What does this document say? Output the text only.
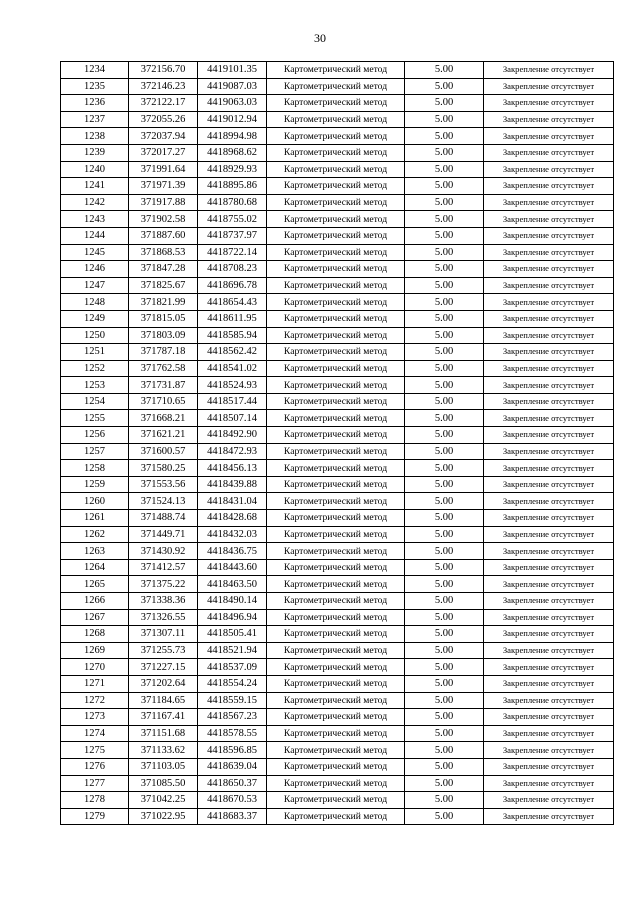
30
1234	372156.70	4419101.35	Картометрический метод	5.00	Закрепление отсутствует
1235	372146.23	4419087.03	Картометрический метод	5.00	Закрепление отсутствует
1236	372122.17	4419063.03	Картометрический метод	5.00	Закрепление отсутствует
1237	372055.26	4419012.94	Картометрический метод	5.00	Закрепление отсутствует
1238	372037.94	4418994.98	Картометрический метод	5.00	Закрепление отсутствует
1239	372017.27	4418968.62	Картометрический метод	5.00	Закрепление отсутствует
1240	371991.64	4418929.93	Картометрический метод	5.00	Закрепление отсутствует
1241	371971.39	4418895.86	Картометрический метод	5.00	Закрепление отсутствует
1242	371917.88	4418780.68	Картометрический метод	5.00	Закрепление отсутствует
1243	371902.58	4418755.02	Картометрический метод	5.00	Закрепление отсутствует
1244	371887.60	4418737.97	Картометрический метод	5.00	Закрепление отсутствует
1245	371868.53	4418722.14	Картометрический метод	5.00	Закрепление отсутствует
1246	371847.28	4418708.23	Картометрический метод	5.00	Закрепление отсутствует
1247	371825.67	4418696.78	Картометрический метод	5.00	Закрепление отсутствует
1248	371821.99	4418654.43	Картометрический метод	5.00	Закрепление отсутствует
1249	371815.05	4418611.95	Картометрический метод	5.00	Закрепление отсутствует
1250	371803.09	4418585.94	Картометрический метод	5.00	Закрепление отсутствует
1251	371787.18	4418562.42	Картометрический метод	5.00	Закрепление отсутствует
1252	371762.58	4418541.02	Картометрический метод	5.00	Закрепление отсутствует
1253	371731.87	4418524.93	Картометрический метод	5.00	Закрепление отсутствует
1254	371710.65	4418517.44	Картометрический метод	5.00	Закрепление отсутствует
1255	371668.21	4418507.14	Картометрический метод	5.00	Закрепление отсутствует
1256	371621.21	4418492.90	Картометрический метод	5.00	Закрепление отсутствует
1257	371600.57	4418472.93	Картометрический метод	5.00	Закрепление отсутствует
1258	371580.25	4418456.13	Картометрический метод	5.00	Закрепление отсутствует
1259	371553.56	4418439.88	Картометрический метод	5.00	Закрепление отсутствует
1260	371524.13	4418431.04	Картометрический метод	5.00	Закрепление отсутствует
1261	371488.74	4418428.68	Картометрический метод	5.00	Закрепление отсутствует
1262	371449.71	4418432.03	Картометрический метод	5.00	Закрепление отсутствует
1263	371430.92	4418436.75	Картометрический метод	5.00	Закрепление отсутствует
1264	371412.57	4418443.60	Картометрический метод	5.00	Закрепление отсутствует
1265	371375.22	4418463.50	Картометрический метод	5.00	Закрепление отсутствует
1266	371338.36	4418490.14	Картометрический метод	5.00	Закрепление отсутствует
1267	371326.55	4418496.94	Картометрический метод	5.00	Закрепление отсутствует
1268	371307.11	4418505.41	Картометрический метод	5.00	Закрепление отсутствует
1269	371255.73	4418521.94	Картометрический метод	5.00	Закрепление отсутствует
1270	371227.15	4418537.09	Картометрический метод	5.00	Закрепление отсутствует
1271	371202.64	4418554.24	Картометрический метод	5.00	Закрепление отсутствует
1272	371184.65	4418559.15	Картометрический метод	5.00	Закрепление отсутствует
1273	371167.41	4418567.23	Картометрический метод	5.00	Закрепление отсутствует
1274	371151.68	4418578.55	Картометрический метод	5.00	Закрепление отсутствует
1275	371133.62	4418596.85	Картометрический метод	5.00	Закрепление отсутствует
1276	371103.05	4418639.04	Картометрический метод	5.00	Закрепление отсутствует
1277	371085.50	4418650.37	Картометрический метод	5.00	Закрепление отсутствует
1278	371042.25	4418670.53	Картометрический метод	5.00	Закрепление отсутствует
1279	371022.95	4418683.37	Картометрический метод	5.00	Закрепление отсутствует
